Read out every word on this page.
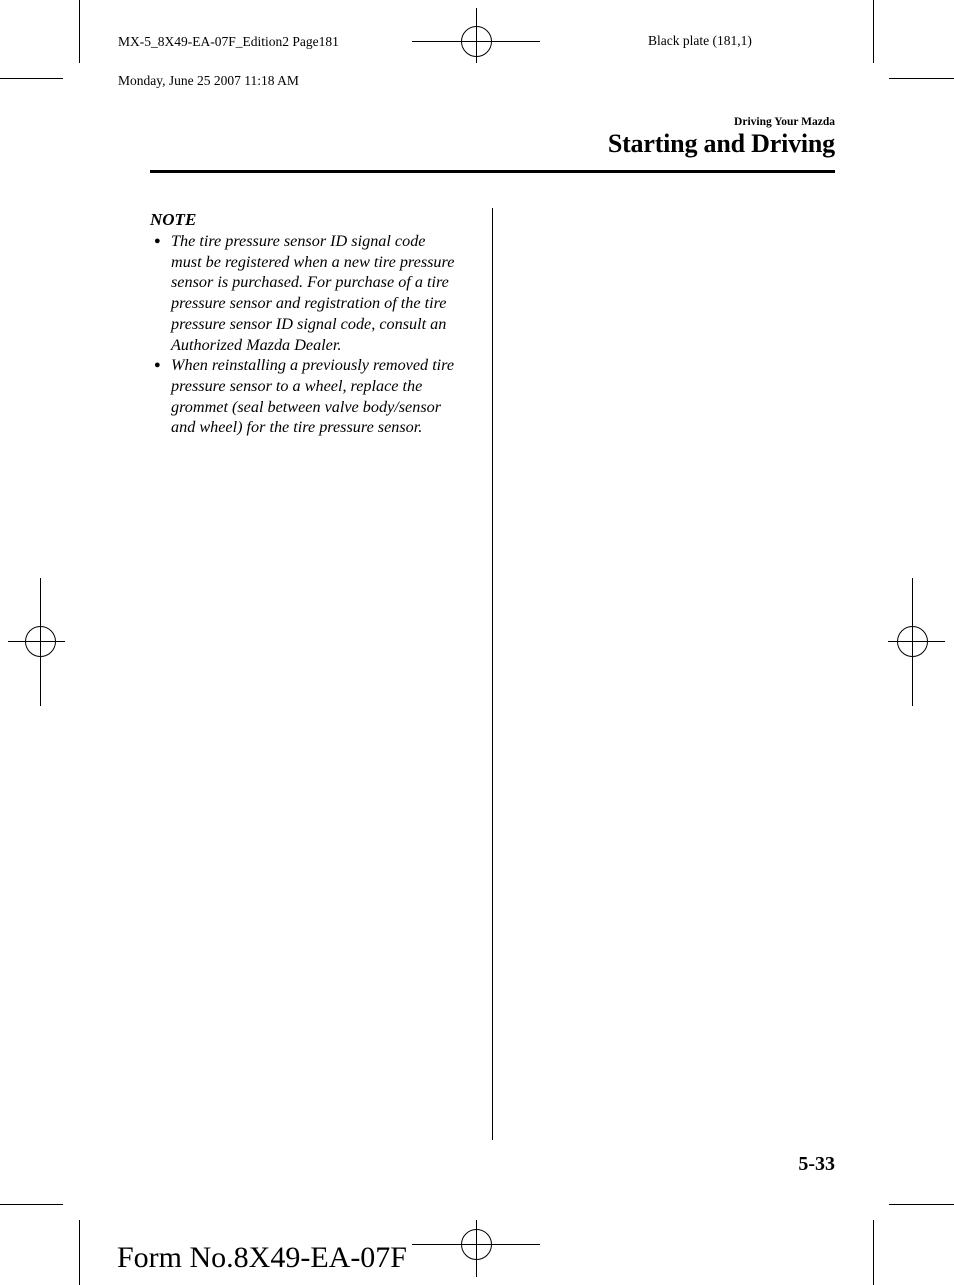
MX-5_8X49-EA-07F_Edition2 Page181

Monday, June 25 2007 11:18 AM

Black plate (181,1)
Driving Your Mazda
Starting and Driving
NOTE
● The tire pressure sensor ID signal code
must be registered when a new tire pressure
sensor is purchased. For purchase of a tire
pressure sensor and registration of the tire
pressure sensor ID signal code, consult an
Authorized Mazda Dealer.
● When reinstalling a previously removed tire
pressure sensor to a wheel, replace the
grommet (seal between valve body/sensor
and wheel) for the tire pressure sensor.
5-33
Form No.8X49-EA-07F
